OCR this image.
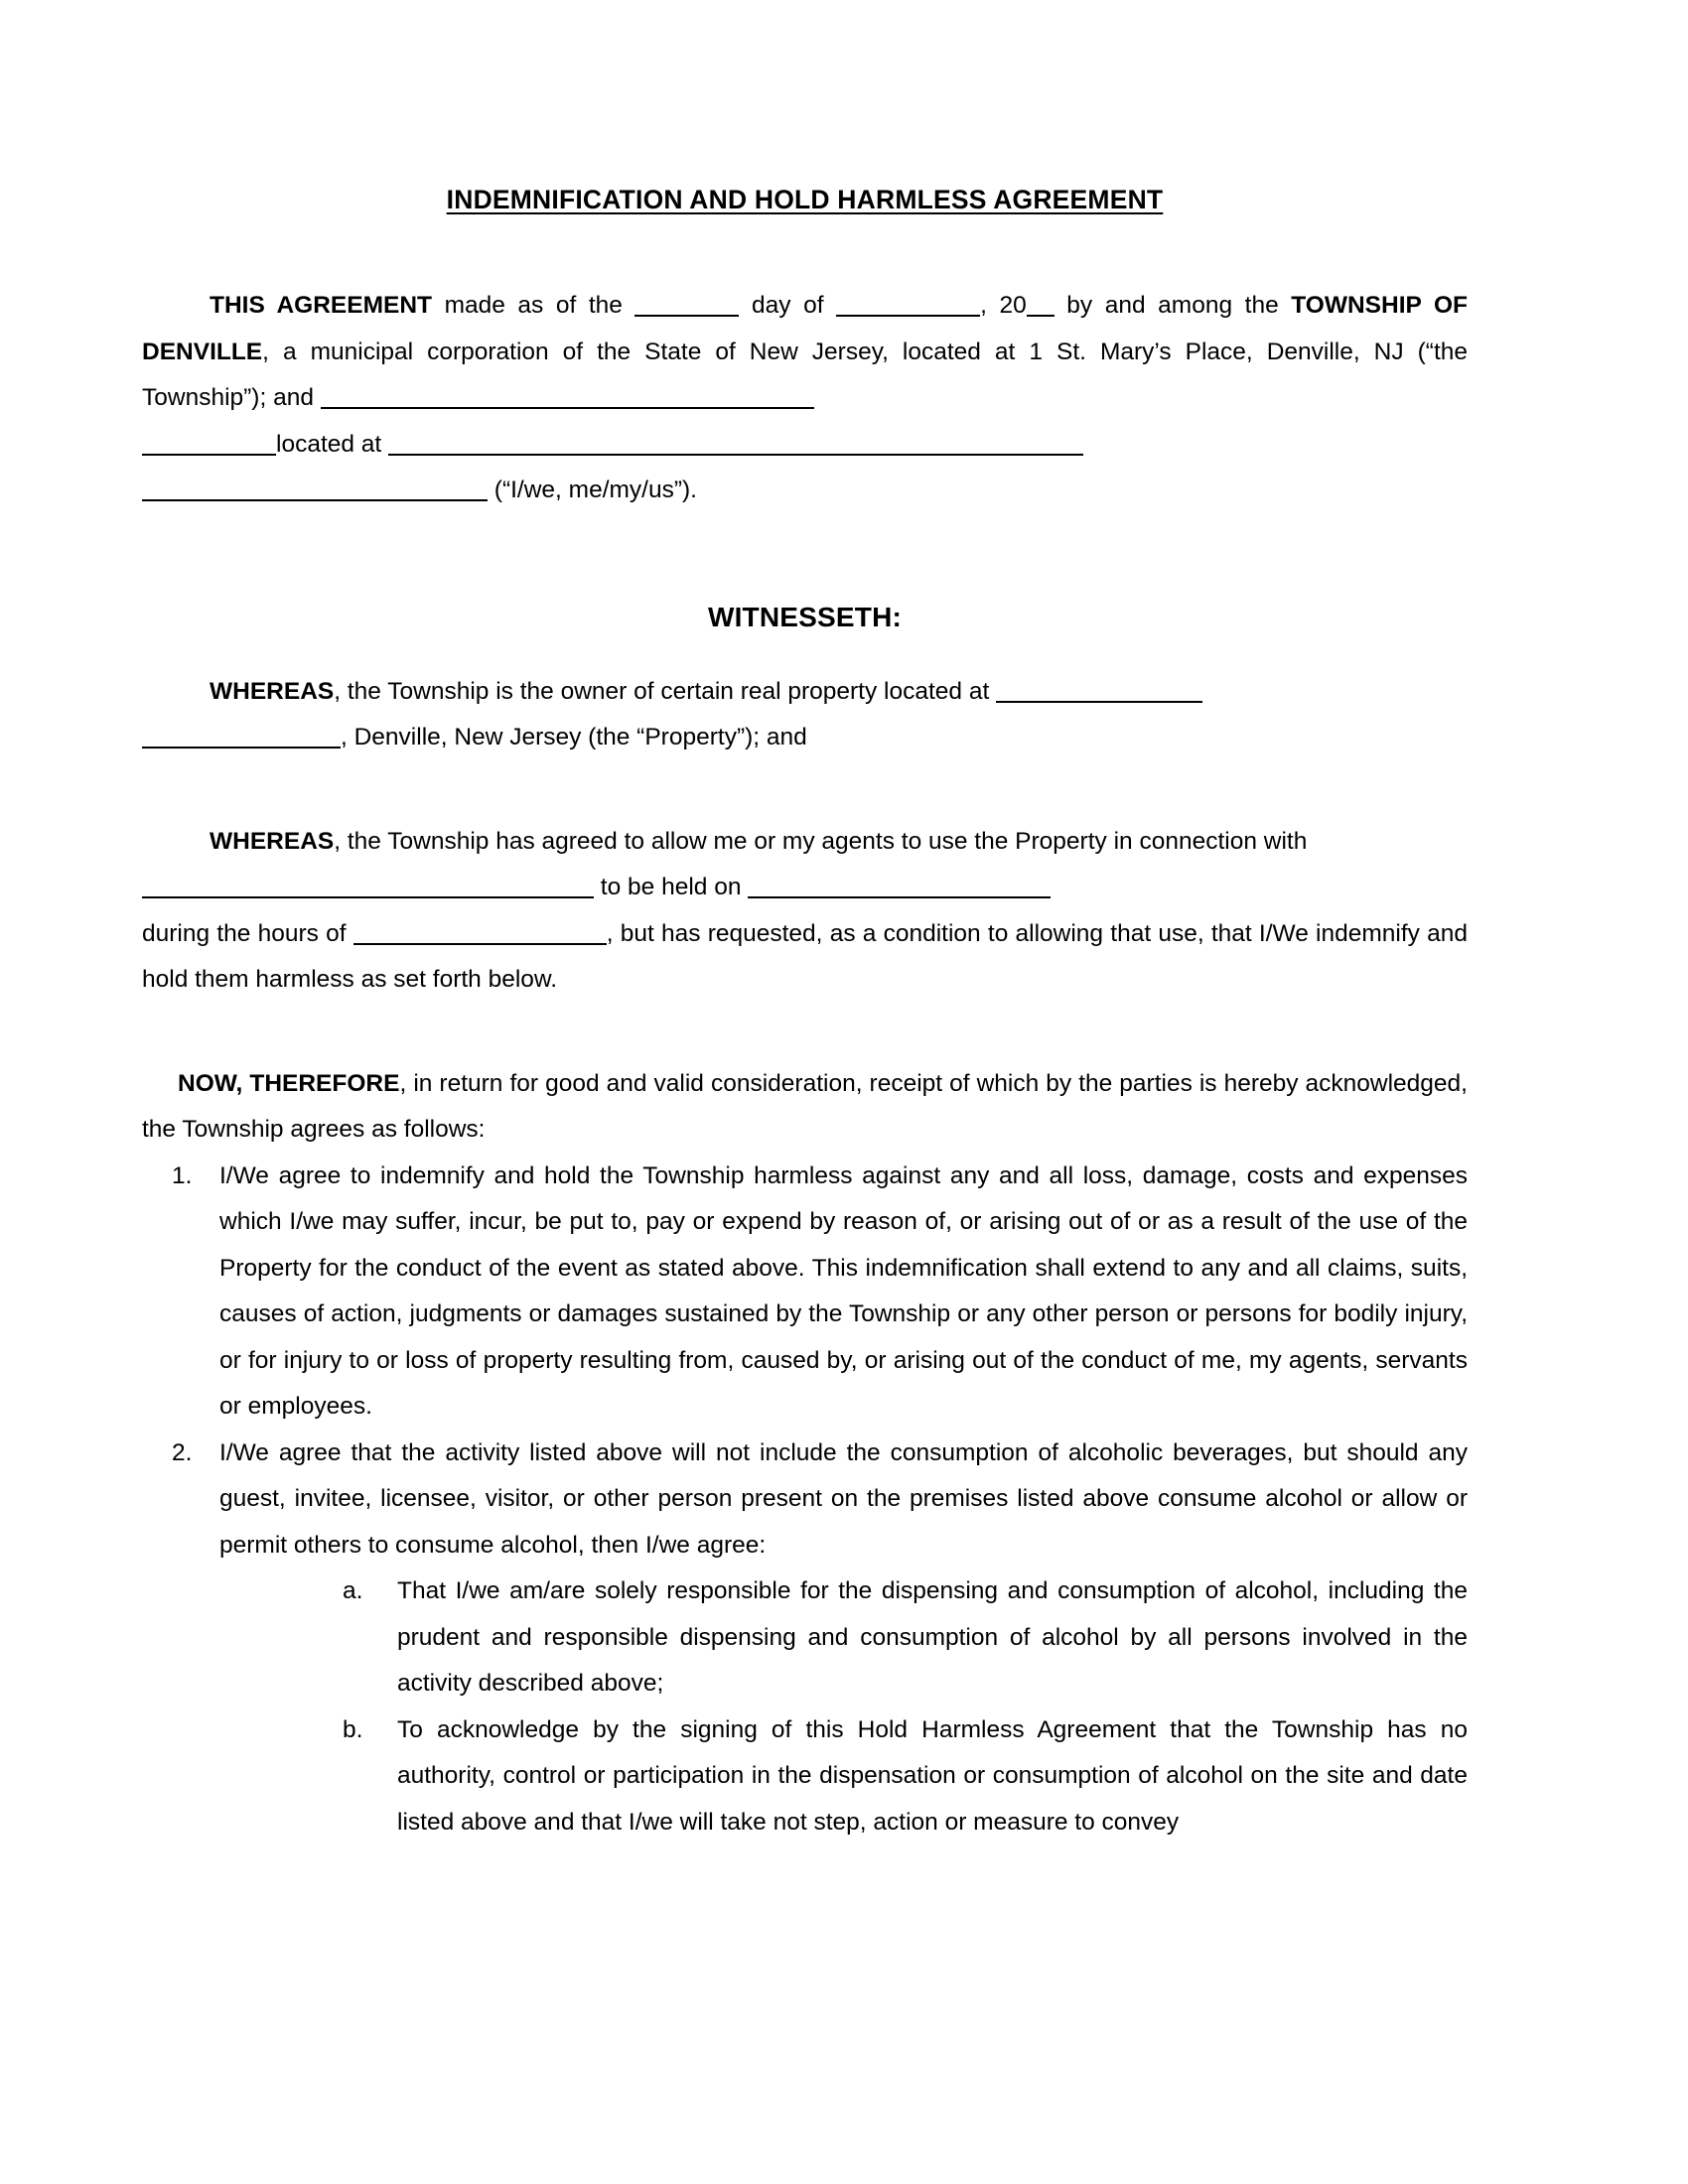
INDEMNIFICATION AND HOLD HARMLESS AGREEMENT

THIS AGREEMENT made as of the	day of	, 20 by and among the TOWNSHIP OF DENVILLE, a municipal corporation of the State of New Jersey, located at 1 St. Mary’s Place, Denville, NJ (“the Township”); and

located at
(“I/we, me/my/us”).
WITNESSETH:
WHEREAS, the Township is the owner of certain real property located at
, Denville, New Jersey (the “Property”); and

WHEREAS, the Township has agreed to allow me or my agents to use the Property in connection with

to be held on

during the hours of	, but has requested, as a condition to allowing that use, that I/We indemnify and hold them harmless as set forth below.

NOW, THEREFORE, in return for good and valid consideration, receipt of which by the parties is hereby acknowledged, the Township agrees as follows:

1.	I/We agree to indemnify and hold the Township harmless against any and all loss, damage, costs and expenses which I/we may suffer, incur, be put to, pay or expend by reason of, or arising out of or as a result of the use of the Property for the conduct of the event as stated above. This indemnification shall extend to any and all claims, suits, causes of action, judgments or damages sustained by the Township or any other person or persons for bodily injury, or for injury to or loss of property resulting from, caused by, or arising out of the conduct of me, my agents, servants or employees.
2.	I/We agree that the activity listed above will not include the consumption of alcoholic beverages, but should any guest, invitee, licensee, visitor, or other person present on the premises listed above consume alcohol or allow or permit others to consume alcohol, then I/we agree:
a.	That I/we am/are solely responsible for the dispensing and consumption of alcohol, including the prudent and responsible dispensing and consumption of alcohol by all persons involved in the activity described above;
b.	To acknowledge by the signing of this Hold Harmless Agreement that the Township has no authority, control or participation in the dispensation or consumption of alcohol on the site and date listed above and that I/we will take not step, action or measure to convey
